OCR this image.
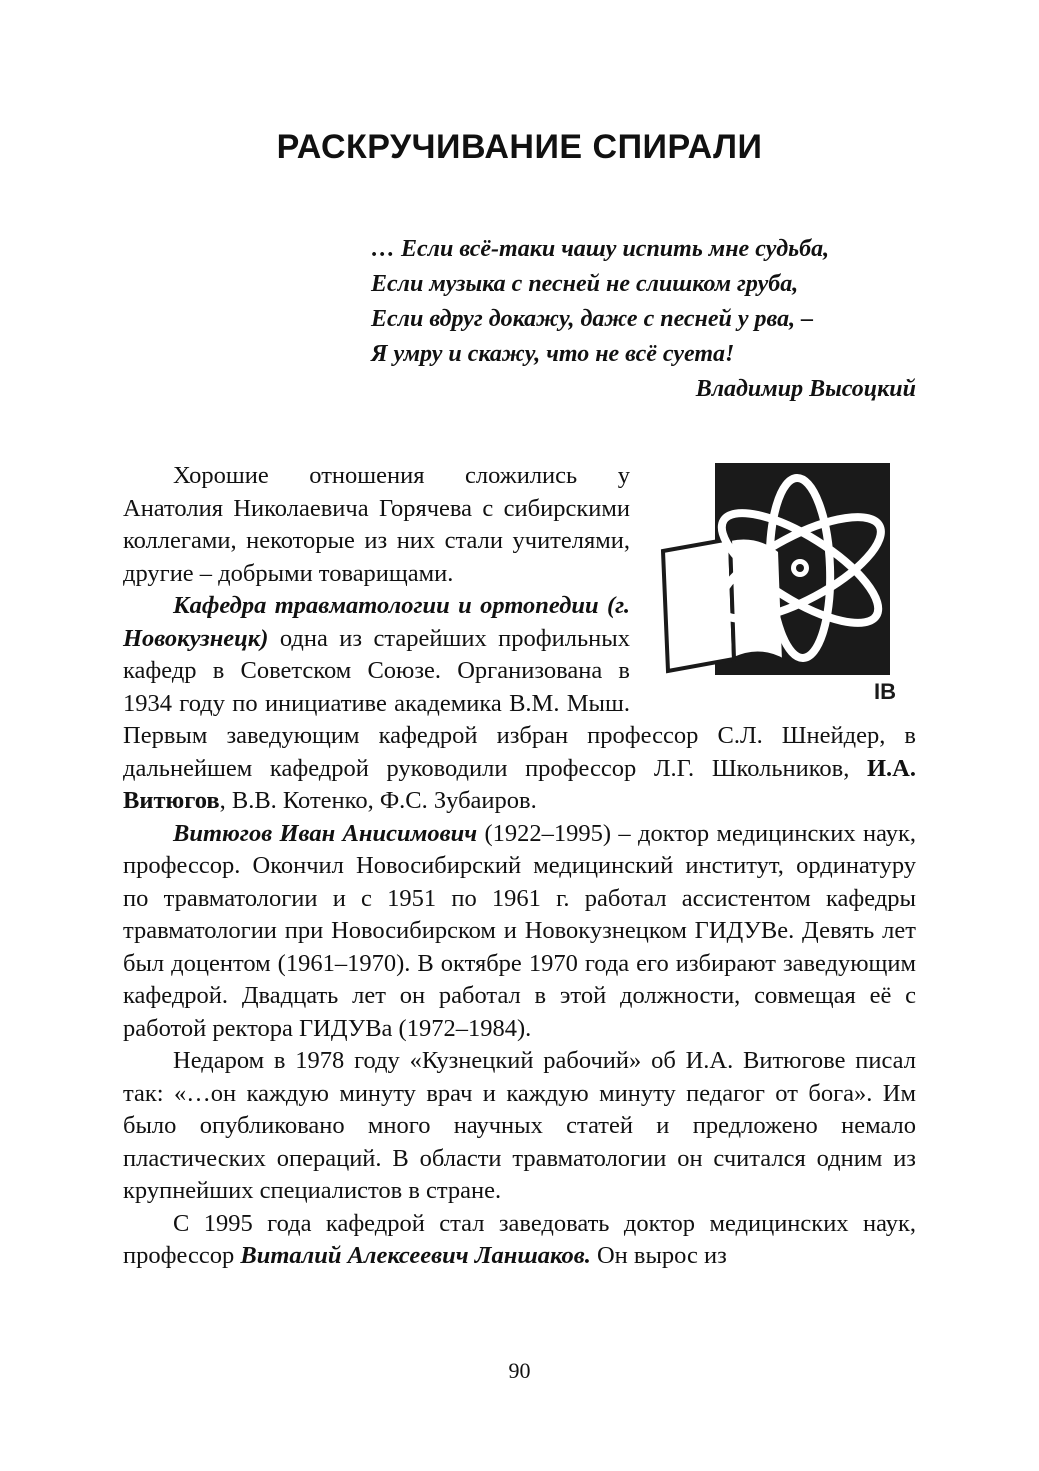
РАСКРУЧИВАНИЕ СПИРАЛИ
… Если всё-таки чашу испить мне судьба,
Если музыка с песней не слишком груба,
Если вдруг докажу, даже с песней у рва, –
Я умру и скажу, что не всё суета!
Владимир Высоцкий
IB

Хорошие отношения сложились у Анатолия Николаевича Горячева с сибирскими коллегами, некоторые из них стали учителями, другие – добрыми товарищами.

Кафедра травматологии и ортопедии (г. Новокузнецк) одна из старейших профильных кафедр в Советском Союзе. Организована в 1934 году по инициативе академика В.М. Мыш. Первым заведующим кафедрой избран профессор С.Л. Шнейдер, в дальнейшем кафедрой руководили профессор Л.Г. Школьников, И.А. Витюгов, В.В. Котенко, Ф.С. Зубаиров.

Витюгов Иван Анисимович (1922–1995) – доктор медицинских наук, профессор. Окончил Новосибирский медицинский институт, ординатуру по травматологии и с 1951 по 1961 г. работал ассистентом кафедры травматологии при Новосибирском и Новокузнецком ГИДУВе. Девять лет был доцентом (1961–1970). В октябре 1970 года его избирают заведующим кафедрой. Двадцать лет он работал в этой должности, совмещая её с работой ректора ГИДУВа (1972–1984).

Недаром в 1978 году «Кузнецкий рабочий» об И.А. Витюгове писал так: «…он каждую минуту врач и каждую минуту педагог от бога». Им было опубликовано много научных статей и предложено немало пластических операций. В области травматологии он считался одним из крупнейших специалистов в стране.

С 1995 года кафедрой стал заведовать доктор медицинских наук, профессор Виталий Алексеевич Ланшаков. Он вырос из

90
